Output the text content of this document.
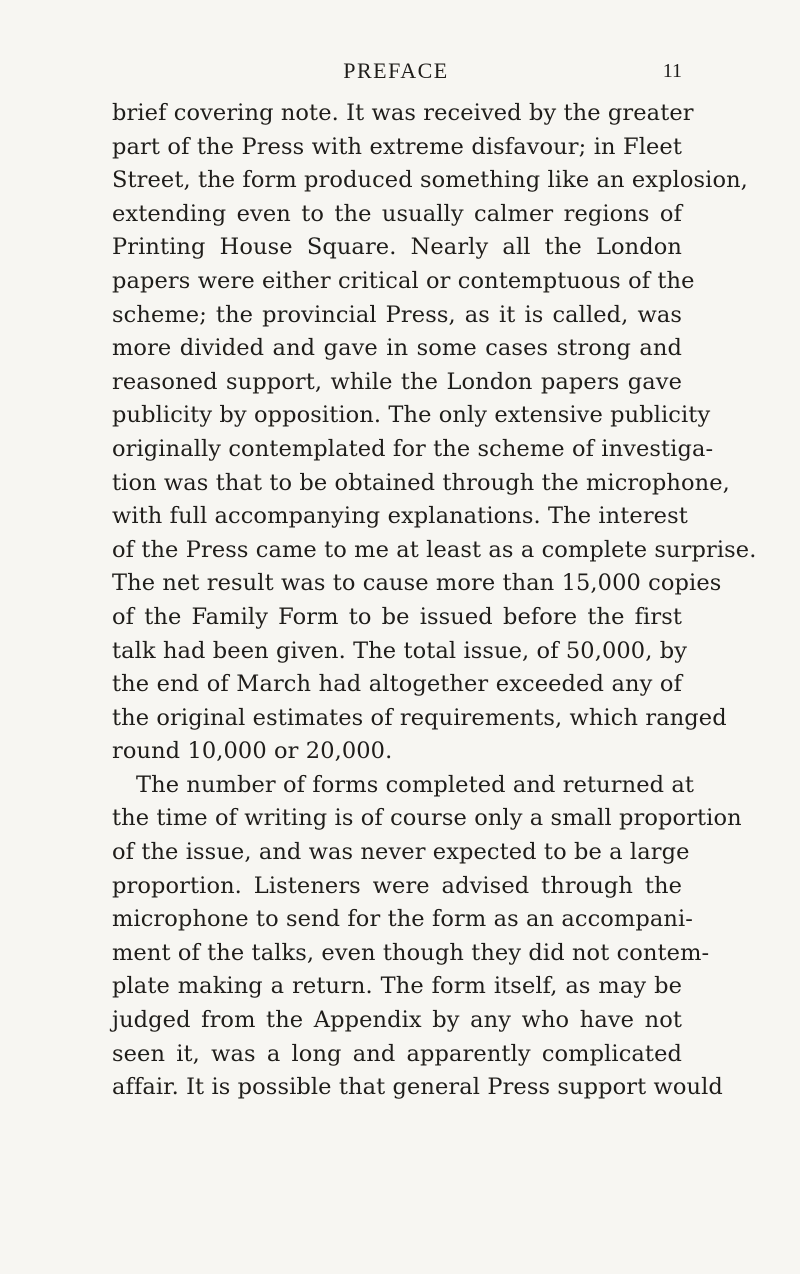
PREFACE	11
brief covering note. It was received by the greater
part of the Press with extreme disfavour; in Fleet
Street, the form produced something like an explosion,
extending even to the usually calmer regions of
Printing House Square. Nearly all the London
papers were either critical or contemptuous of the
scheme; the provincial Press, as it is called, was
more divided and gave in some cases strong and
reasoned support, while the London papers gave
publicity by opposition. The only extensive publicity
originally contemplated for the scheme of investiga-
tion was that to be obtained through the microphone,
with full accompanying explanations. The interest
of the Press came to me at least as a complete surprise.
The net result was to cause more than 15,000 copies
of the Family Form to be issued before the first
talk had been given. The total issue, of 50,000, by
the end of March had altogether exceeded any of
the original estimates of requirements, which ranged
round 10,000 or 20,000.
The number of forms completed and returned at
the time of writing is of course only a small proportion
of the issue, and was never expected to be a large
proportion. Listeners were advised through the
microphone to send for the form as an accompani-
ment of the talks, even though they did not contem-
plate making a return. The form itself, as may be
judged from the Appendix by any who have not
seen it, was a long and apparently complicated
affair. It is possible that general Press support would
